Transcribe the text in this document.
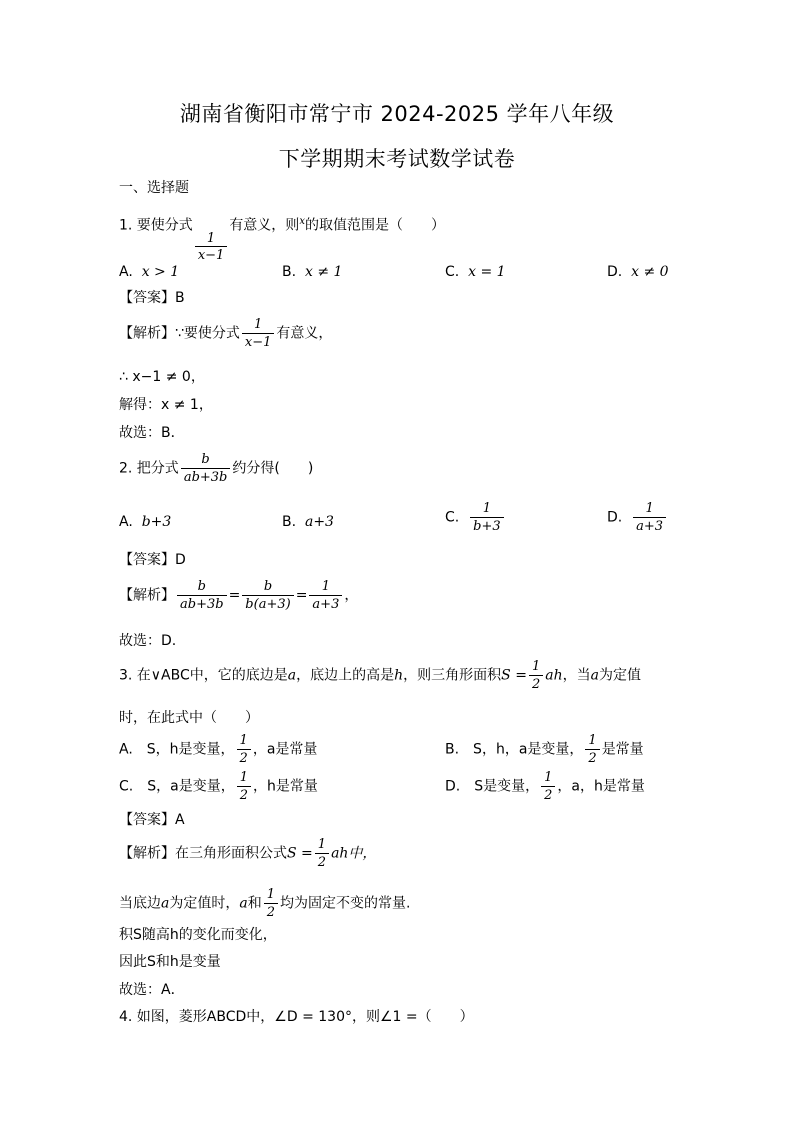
湖南省衡阳市常宁市 2024-2025 学年八年级
下学期期末考试数学试卷
一、选择题
1. 要使分式
$\frac{1}{x-1}$
有意义，则$^x$的取值范围是（　　）
A. x > 1	B. x ≠ 1	C. x = 1	D. x ≠ 0
【答案】B
【解析】∵要使分式 $\frac{1}{x-1}$ 有意义，
∴ x−1 ≠ 0，
解得：x ≠ 1，
故选：B．
2. 把分式 $\frac{b}{ab+3b}$ 约分得(　　)
A. b+3	B. a+3	C. $\frac{1}{b+3}$	D. $\frac{1}{a+3}$
【答案】D
【解析】 $\frac{b}{ab+3b} = \frac{b}{b(a+3)} = \frac{1}{a+3}$ ，
故选：D.
3. 在∨ABC中，它的底边是a，底边上的高是h，则三角形面积$S = \frac{1}{2}$ ah，当a为定值
时，在此式中（　　）
A.　S，h是变量， $\frac{1}{2}$ ，a是常量	B.　S，h，a是变量， $\frac{1}{2}$ 是常量
C.　S，a是变量， $\frac{1}{2}$ ，h是常量	D.　S是变量， $\frac{1}{2}$ ，a，h是常量
【答案】A
【解析】在三角形面积公式$S = \frac{1}{2}$ ah中，
当底边a为定值时，a和 $\frac{1}{2}$ 均为固定不变的常量.
积S随高h的变化而变化，
因此S和h是变量
故选：A．
4. 如图，菱形ABCD中，∠D = 130°，则∠1 =（　　）
